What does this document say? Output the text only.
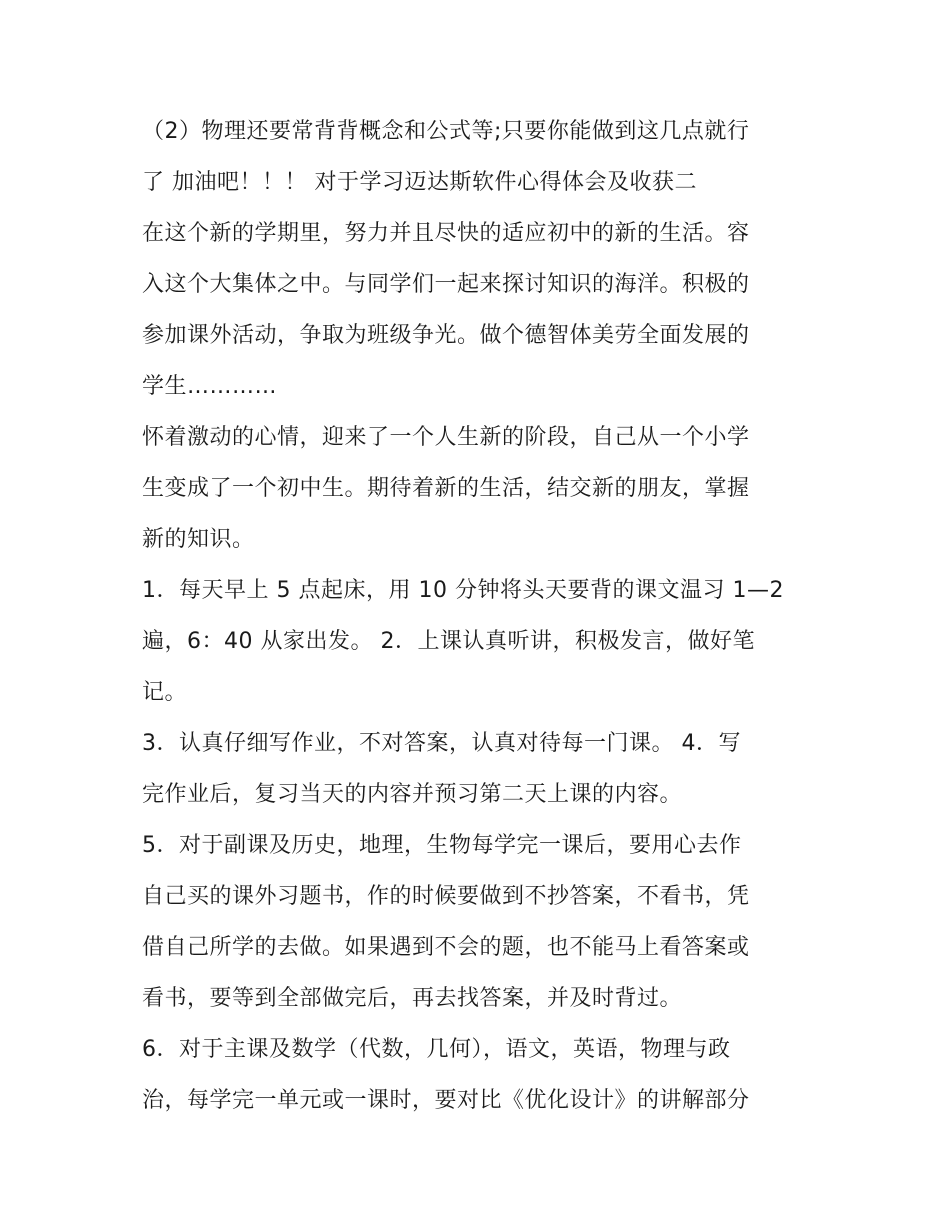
（2）物理还要常背背概念和公式等;只要你能做到这几点就行
了 加油吧！！！ 对于学习迈达斯软件心得体会及收获二
在这个新的学期里，努力并且尽快的适应初中的新的生活。容
入这个大集体之中。与同学们一起来探讨知识的海洋。积极的
参加课外活动，争取为班级争光。做个德智体美劳全面发展的
学生…………
怀着激动的心情，迎来了一个人生新的阶段，自己从一个小学
生变成了一个初中生。期待着新的生活，结交新的朋友，掌握
新的知识。
1．每天早上 5 点起床，用 10 分钟将头天要背的课文温习 1—2
遍，6：40 从家出发。 2．上课认真听讲，积极发言，做好笔
记。
3．认真仔细写作业，不对答案，认真对待每一门课。 4．写
完作业后，复习当天的内容并预习第二天上课的内容。
5．对于副课及历史，地理，生物每学完一课后，要用心去作
自己买的课外习题书，作的时候要做到不抄答案，不看书，凭
借自己所学的去做。如果遇到不会的题，也不能马上看答案或
看书，要等到全部做完后，再去找答案，并及时背过。
6．对于主课及数学（代数，几何），语文，英语，物理与政
治，每学完一单元或一课时，要对比《优化设计》的讲解部分
